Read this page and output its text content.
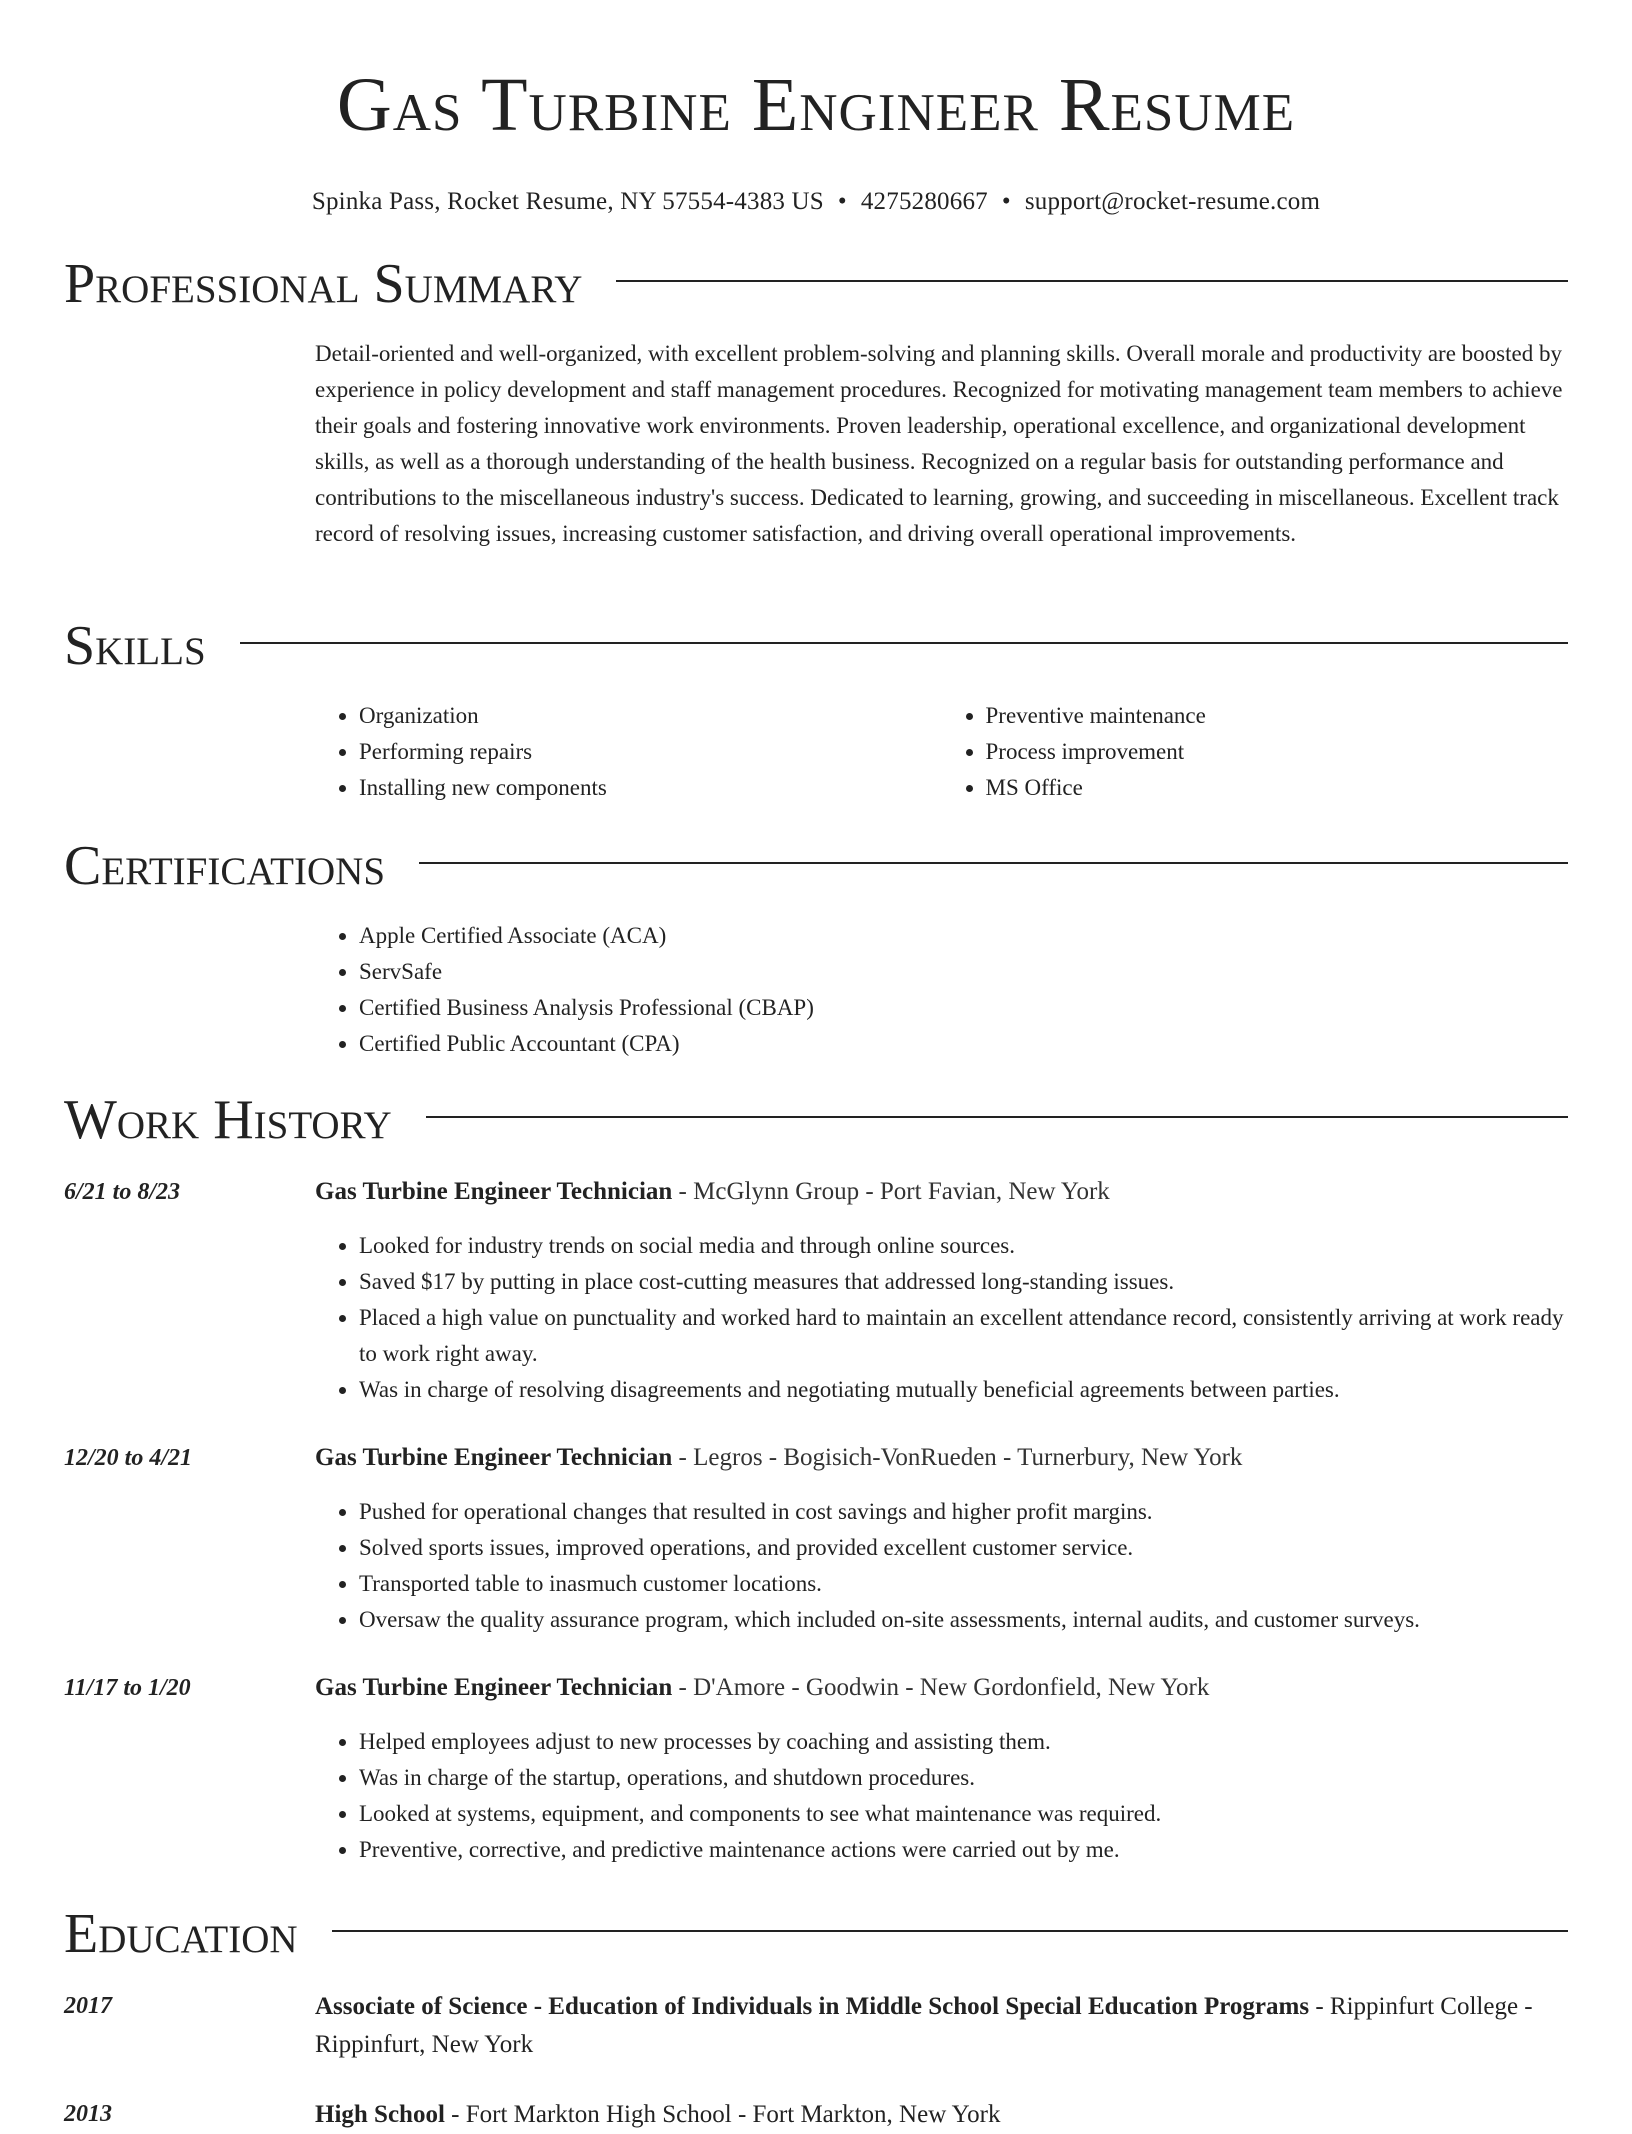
Gas Turbine Engineer Resume
Spinka Pass, Rocket Resume, NY 57554-4383 US • 4275280667 • support@rocket-resume.com
Professional Summary

Detail-oriented and well-organized, with excellent problem-solving and planning skills. Overall morale and productivity are boosted by experience in policy development and staff management procedures. Recognized for motivating management team members to achieve their goals and fostering innovative work environments. Proven leadership, operational excellence, and organizational development skills, as well as a thorough understanding of the health business. Recognized on a regular basis for outstanding performance and contributions to the miscellaneous industry's success. Dedicated to learning, growing, and succeeding in miscellaneous. Excellent track record of resolving issues, increasing customer satisfaction, and driving overall operational improvements.

Skills
• Organization
• Performing repairs
• Installing new components
• Preventive maintenance
• Process improvement
• MS Office
Certifications
• Apple Certified Associate (ACA)
• ServSafe
• Certified Business Analysis Professional (CBAP)
• Certified Public Accountant (CPA)
Work History
6/21 to 8/23	Gas Turbine Engineer Technician - McGlynn Group - Port Favian, New York
• Looked for industry trends on social media and through online sources.
• Saved $17 by putting in place cost-cutting measures that addressed long-standing issues.
• Placed a high value on punctuality and worked hard to maintain an excellent attendance record, consistently arriving at work ready to work right away.
• Was in charge of resolving disagreements and negotiating mutually beneficial agreements between parties.
12/20 to 4/21	Gas Turbine Engineer Technician - Legros - Bogisich-VonRueden - Turnerbury, New York
• Pushed for operational changes that resulted in cost savings and higher profit margins.
• Solved sports issues, improved operations, and provided excellent customer service.
• Transported table to inasmuch customer locations.
• Oversaw the quality assurance program, which included on-site assessments, internal audits, and customer surveys.
11/17 to 1/20	Gas Turbine Engineer Technician - D'Amore - Goodwin - New Gordonfield, New York
• Helped employees adjust to new processes by coaching and assisting them.
• Was in charge of the startup, operations, and shutdown procedures.
• Looked at systems, equipment, and components to see what maintenance was required.
• Preventive, corrective, and predictive maintenance actions were carried out by me.
Education
2017	Associate of Science - Education of Individuals in Middle School Special Education Programs - Rippinfurt College - Rippinfurt, New York
2013	High School - Fort Markton High School - Fort Markton, New York
